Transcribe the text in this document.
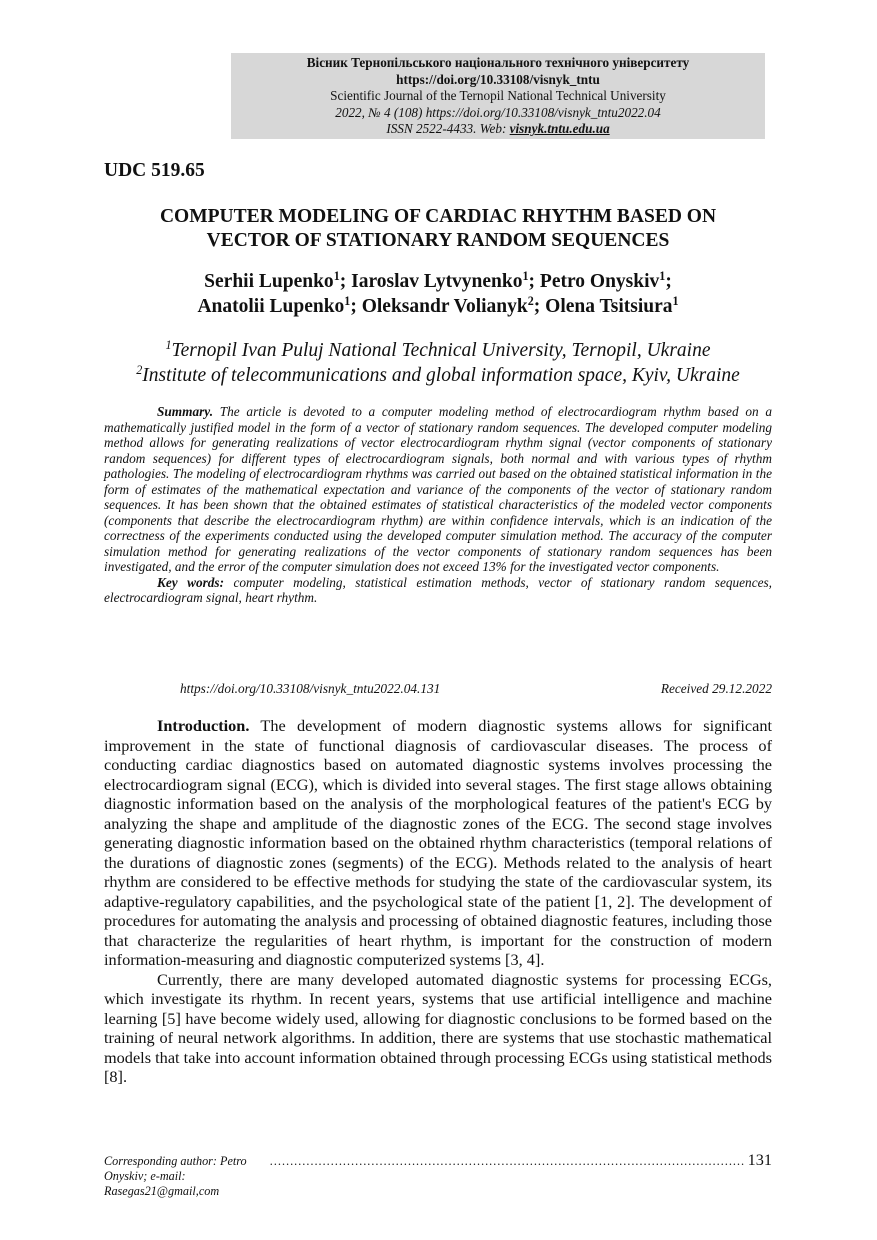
Вісник Тернопільського національного технічного університету
https://doi.org/10.33108/visnyk_tntu
Scientific Journal of the Ternopil National Technical University
2022, № 4 (108) https://doi.org/10.33108/visnyk_tntu2022.04
ISSN 2522-4433. Web: visnyk.tntu.edu.ua
UDC 519.65
COMPUTER MODELING OF CARDIAC RHYTHM BASED ON
VECTOR OF STATIONARY RANDOM SEQUENCES
Serhii Lupenko$^1$; Iaroslav Lytvynenko$^1$; Petro Onyskiv$^1$;
Anatolii Lupenko$^1$; Oleksandr Volianyk$^2$; Olena Tsitsiura$^1$
$^1$Ternopil Ivan Puluj National Technical University, Ternopil, Ukraine
$^2$Institute of telecommunications and global information space, Kyiv, Ukraine

Summary. The article is devoted to a computer modeling method of electrocardiogram rhythm based on a mathematically justified model in the form of a vector of stationary random sequences. The developed computer modeling method allows for generating realizations of vector electrocardiogram rhythm signal (vector components of stationary random sequences) for different types of electrocardiogram signals, both normal and with various types of rhythm pathologies. The modeling of electrocardiogram rhythms was carried out based on the obtained statistical information in the form of estimates of the mathematical expectation and variance of the components of the vector of stationary random sequences. It has been shown that the obtained estimates of statistical characteristics of the modeled vector components (components that describe the electrocardiogram rhythm) are within confidence intervals, which is an indication of the correctness of the experiments conducted using the developed computer simulation method. The accuracy of the computer simulation method for generating realizations of the vector components of stationary random sequences has been investigated, and the error of the computer simulation does not exceed 13% for the investigated vector components.

Key words: computer modeling, statistical estimation methods, vector of stationary random sequences, electrocardiogram signal, heart rhythm.

https://doi.org/10.33108/visnyk_tntu2022.04.131	Received 29.12.2022

Introduction. The development of modern diagnostic systems allows for significant improvement in the state of functional diagnosis of cardiovascular diseases. The process of conducting cardiac diagnostics based on automated diagnostic systems involves processing the electrocardiogram signal (ECG), which is divided into several stages. The first stage allows obtaining diagnostic information based on the analysis of the morphological features of the patient's ECG by analyzing the shape and amplitude of the diagnostic zones of the ECG. The second stage involves generating diagnostic information based on the obtained rhythm characteristics (temporal relations of the durations of diagnostic zones (segments) of the ECG). Methods related to the analysis of heart rhythm are considered to be effective methods for studying the state of the cardiovascular system, its adaptive-regulatory capabilities, and the psychological state of the patient [1, 2]. The development of procedures for automating the analysis and processing of obtained diagnostic features, including those that characterize the regularities of heart rhythm, is important for the construction of modern information-measuring and diagnostic computerized systems [3, 4].

Currently, there are many developed automated diagnostic systems for processing ECGs, which investigate its rhythm. In recent years, systems that use artificial intelligence and machine learning [5] have become widely used, allowing for diagnostic conclusions to be formed based on the training of neural network algorithms. In addition, there are systems that use stochastic mathematical models that take into account information obtained through processing ECGs using statistical methods [8].

Corresponding author: Petro Onyskiv; e-mail: Rasegas21@gmail,com
……………………………………………………………………………………………………… 131
